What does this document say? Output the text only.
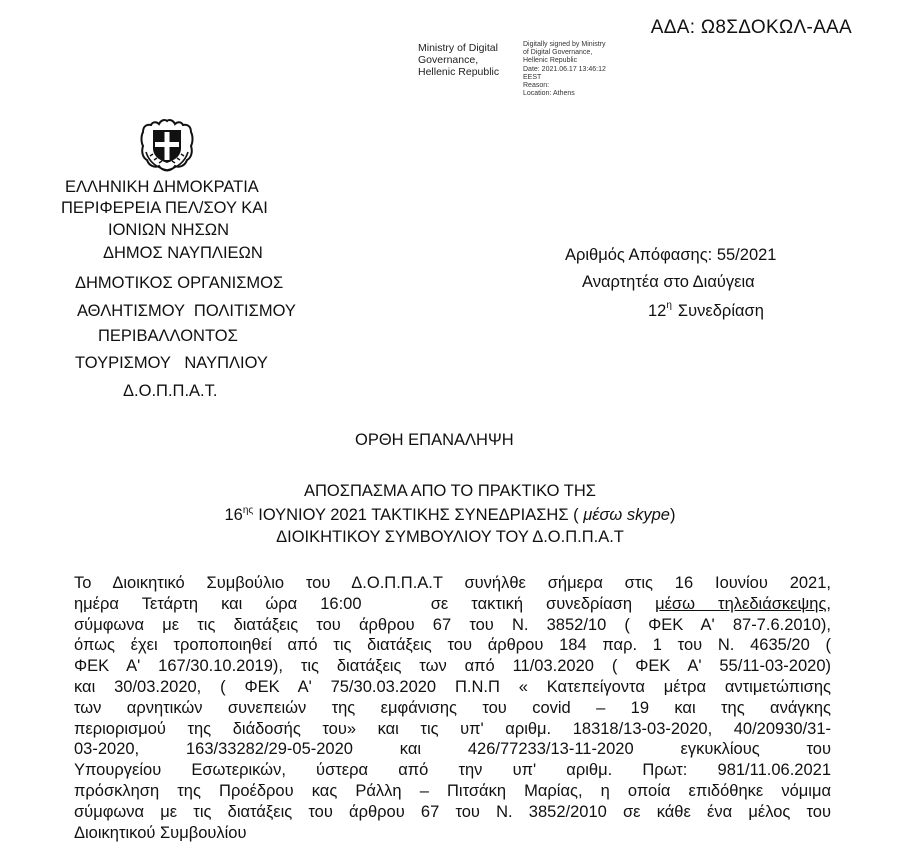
ΑΔΑ: Ω8ΣΔΟΚΩΛ-ΑΑΑ
Ministry of Digital
Governance,
Hellenic Republic
Digitally signed by Ministry
of Digital Governance,
Hellenic Republic
Date: 2021.06.17 13:46:12
EEST
Reason:
Location: Athens
ΕΛΛΗΝΙΚΗ ΔΗΜΟΚΡΑΤΙΑ
ΠΕΡΙΦΕΡΕΙΑ ΠΕΛ/ΣΟΥ ΚΑΙ
ΙΟΝΙΩΝ ΝΗΣΩΝ
ΔΗΜΟΣ ΝΑΥΠΛΙΕΩΝ
ΔΗΜΟΤΙΚΟΣ ΟΡΓΑΝΙΣΜΟΣ
ΑΘΛΗΤΙΣΜΟΥ  ΠΟΛΙΤΙΣΜΟΥ
ΠΕΡΙΒΑΛΛΟΝΤΟΣ
ΤΟΥΡΙΣΜΟΥ   ΝΑΥΠΛΙΟΥ
Δ.Ο.Π.Π.Α.Τ.
Αριθμός Απόφασης: 55/2021
Αναρτητέα στο Διαύγεια
$12^\eta$ Συνεδρίαση
ΟΡΘΗ ΕΠΑΝΑΛΗΨΗ
ΑΠΟΣΠΑΣΜΑ ΑΠΟ ΤΟ ΠΡΑΚΤΙΚΟ ΤΗΣ
$16^{\eta\varsigma}$ ΙΟΥΝΙΟΥ 2021 ΤΑΚΤΙΚΗΣ ΣΥΝΕΔΡΙΑΣΗΣ ( μέσω skype)
ΔΙΟΙΚΗΤΙΚΟΥ ΣΥΜΒΟΥΛΙΟΥ ΤΟΥ Δ.Ο.Π.Π.Α.Τ
Το Διοικητικό Συμβούλιο του Δ.Ο.Π.Π.Α.Τ συνήλθε σήμερα στις 16 Ιουνίου 2021,
ημέρα Τετάρτη και ώρα 16:00   σε τακτική συνεδρίαση μέσω τηλεδιάσκεψης,
σύμφωνα με τις διατάξεις του άρθρου 67 του Ν. 3852/10 ( ΦΕΚ Α' 87-7.6.2010),
όπως έχει τροποποιηθεί από τις διατάξεις του άρθρου 184 παρ. 1 του Ν. 4635/20 (
ΦΕΚ Α' 167/30.10.2019), τις διατάξεις των από 11/03.2020 ( ΦΕΚ Α' 55/11-03-2020)
και 30/03.2020, ( ΦΕΚ Α' 75/30.03.2020 Π.Ν.Π « Κατεπείγοντα μέτρα αντιμετώπισης
των αρνητικών συνεπειών της εμφάνισης του covid – 19 και της ανάγκης
περιορισμού της διάδοσής του» και τις υπ' αριθμ. 18318/13-03-2020, 40/20930/31-
03-2020, 163/33282/29-05-2020 και 426/77233/13-11-2020 εγκυκλίους του
Υπουργείου Εσωτερικών, ύστερα από την υπ' αριθμ. Πρωτ: 981/11.06.2021
πρόσκληση της Προέδρου κας Ράλλη – Πιτσάκη Μαρίας, η οποία επιδόθηκε νόμιμα
σύμφωνα με τις διατάξεις του άρθρου 67 του Ν. 3852/2010 σε κάθε ένα μέλος του
Διοικητικού Συμβουλίου
